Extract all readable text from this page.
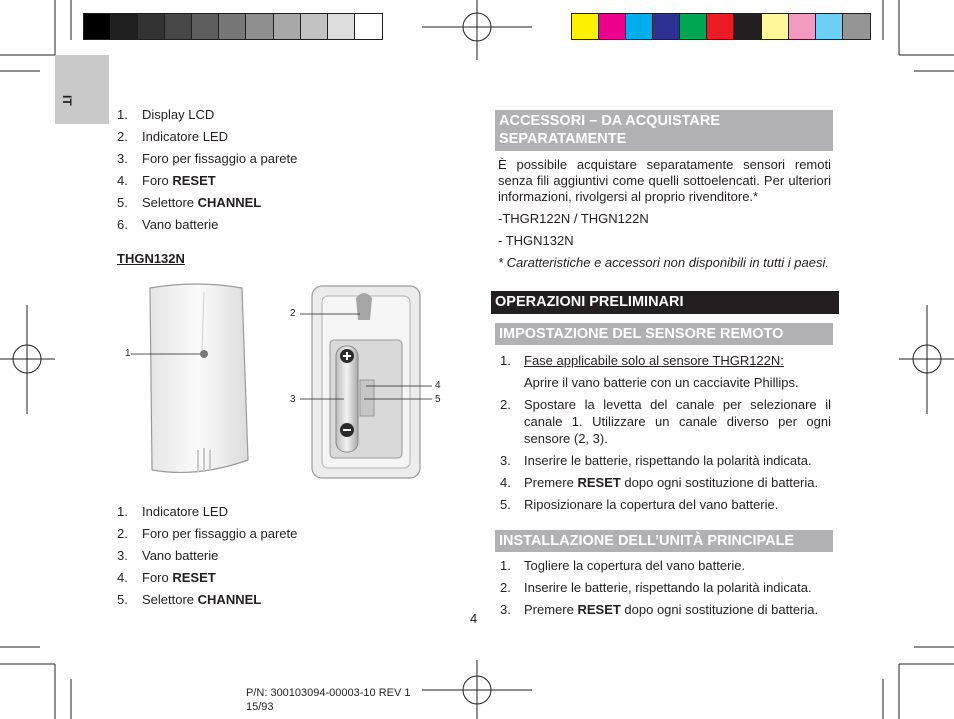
IT
1. Display LCD
2. Indicatore LED
3. Foro per fissaggio a parete
4. Foro RESET
5. Selettore CHANNEL
6. Vano batterie
THGN132N
1
2
3
4
5
1. Indicatore LED
2. Foro per fissaggio a parete
3. Vano batterie
4. Foro RESET
5. Selettore CHANNEL
4
P/N: 300103094-00003-10 REV 1
15/93
ACCESSORI – DA ACQUISTARE
SEPARATAMENTE
È possibile acquistare separatamente sensori remoti senza fili aggiuntivi come quelli sottoelencati. Per ulteriori informazioni, rivolgersi al proprio rivenditore.*
-THGR122N / THGN122N
- THGN132N
* Caratteristiche e accessori non disponibili in tutti i paesi.
OPERAZIONI PRELIMINARI
IMPOSTAZIONE DEL SENSORE REMOTO
1. Fase applicabile solo al sensore THGR122N:
Aprire il vano batterie con un cacciavite Phillips.
2. Spostare la levetta del canale per selezionare il canale 1. Utilizzare un canale diverso per ogni sensore (2, 3).
3. Inserire le batterie, rispettando la polarità indicata.
4. Premere RESET dopo ogni sostituzione di batteria.
5. Riposizionare la copertura del vano batterie.
INSTALLAZIONE DELL’UNITÀ PRINCIPALE
1. Togliere la copertura del vano batterie.
2. Inserire le batterie, rispettando la polarità indicata.
3. Premere RESET dopo ogni sostituzione di batteria.
